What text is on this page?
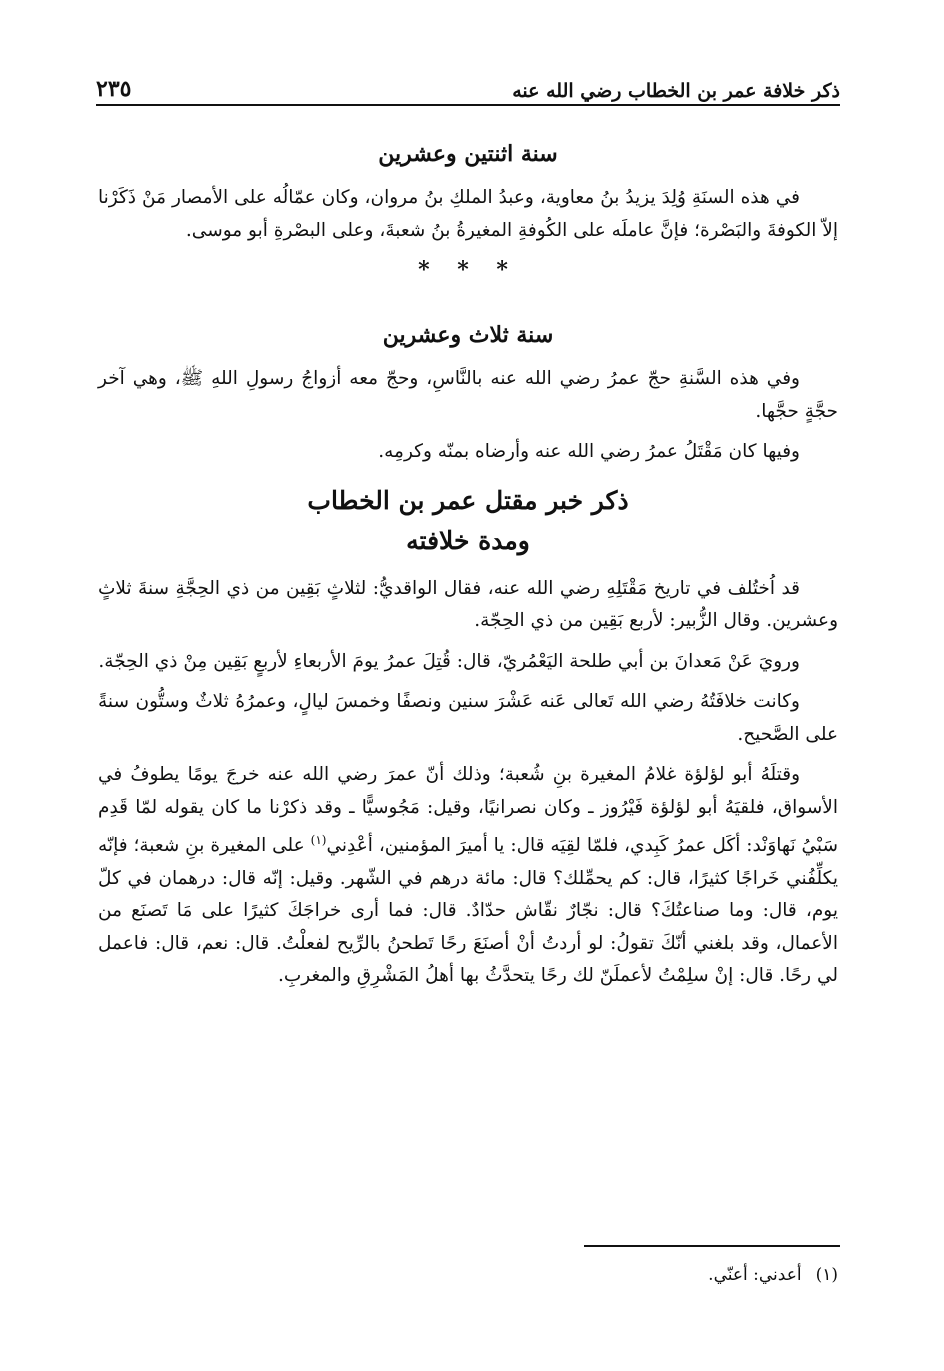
ذكر خلافة عمر بن الخطاب رضي الله عنه
٢٣٥
سنة اثنتين وعشرين

في هذه السنَةِ وُلِدَ يزيدُ بنُ معاوية، وعبدُ الملكِ بنُ مروان، وكان عمّالُه على الأمصار مَنْ ذَكَرْنا إلاّ الكوفةَ والبَصْرة؛ فإنَّ عاملَه على الكُوفةِ المغيرةُ بنُ شعبةَ، وعلى البصْرةِ أبو موسى.

* * *
سنة ثلاث وعشرين

وفي هذه السَّنةِ حجّ عمرُ رضي الله عنه بالنَّاسِ، وحجّ معه أزواجُ رسولِ اللهِ ﷺ، وهي آخر حجَّةٍ حجَّها.

وفيها كان مَقْتَلُ عمرُ رضي الله عنه وأرضاه بمنّه وكرمِه.

ذكر خبر مقتل عمر بن الخطاب
ومدة خلافته

قد اُختُلف في تاريخ مَقْتَلِهِ رضي الله عنه، فقال الواقديُّ: لثلاثٍ بَقِين من ذي الحِجَّةِ سنةَ ثلاثٍ وعشرين. وقال الزُّبير: لأربع بَقِين من ذي الحِجّة.

ورويَ عَنْ مَعدانَ بن أبي طلحة اليَعْمُريّ، قال: قُتِلَ عمرُ يومَ الأربعاءِ لأربعٍ بَقِين مِنْ ذي الحِجّة.

وكانت خلافَتُهُ رضي الله تَعالى عَنه عَشْرَ سنين ونصفًا وخمسَ ليالٍ، وعمرُهُ ثلاثٌ وستُّون سنةً على الصَّحيح.

وقتلَهُ أبو لؤلؤة غلامُ المغيرة بنِ شُعبة؛ وذلك أنّ عمرَ رضي الله عنه خرجَ يومًا يطوفُ في الأسواق، فلقيَهُ أبو لؤلؤة فَيْرُوز ـ وكان نصرانيًا، وقيل: مَجُوسيًّا ـ وقد ذكرْنا ما كان يقوله لمّا قَدِم سَبْيُ نَهاوَنْد: أكَل عمرُ كَبِدي، فلمّا لقِيَه قال: يا أميرَ المؤمنين، أعْدِني$^{(١)}$ على المغيرة بنِ شعبة؛ فإنّه يكلِّفُني خَراجًا كثيرًا، قال: كم يحمِّلك؟ قال: مائة درهم في الشّهر. وقيل: إنّه قال: درهمان في كلّ يوم، قال: وما صناعتُكَ؟ قال: نجّارٌ نقّاش حدّادٌ. قال: فما أرى خراجَكَ كثيرًا على مَا تَصنَع من الأعمال، وقد بلغني أنّكَ تقولُ: لو أردتُ أنْ أصنَعَ رحًا تَطحنُ بالرِّيح لفعلْتُ. قال: نعم، قال: فاعمل لي رحًا. قال: إنْ سلِمْتُ لأعملَنّ لك رحًا يتحدَّثُ بها أهلُ المَشْرِقِ والمغربِ.

(١)أعدني: أعنّي.
